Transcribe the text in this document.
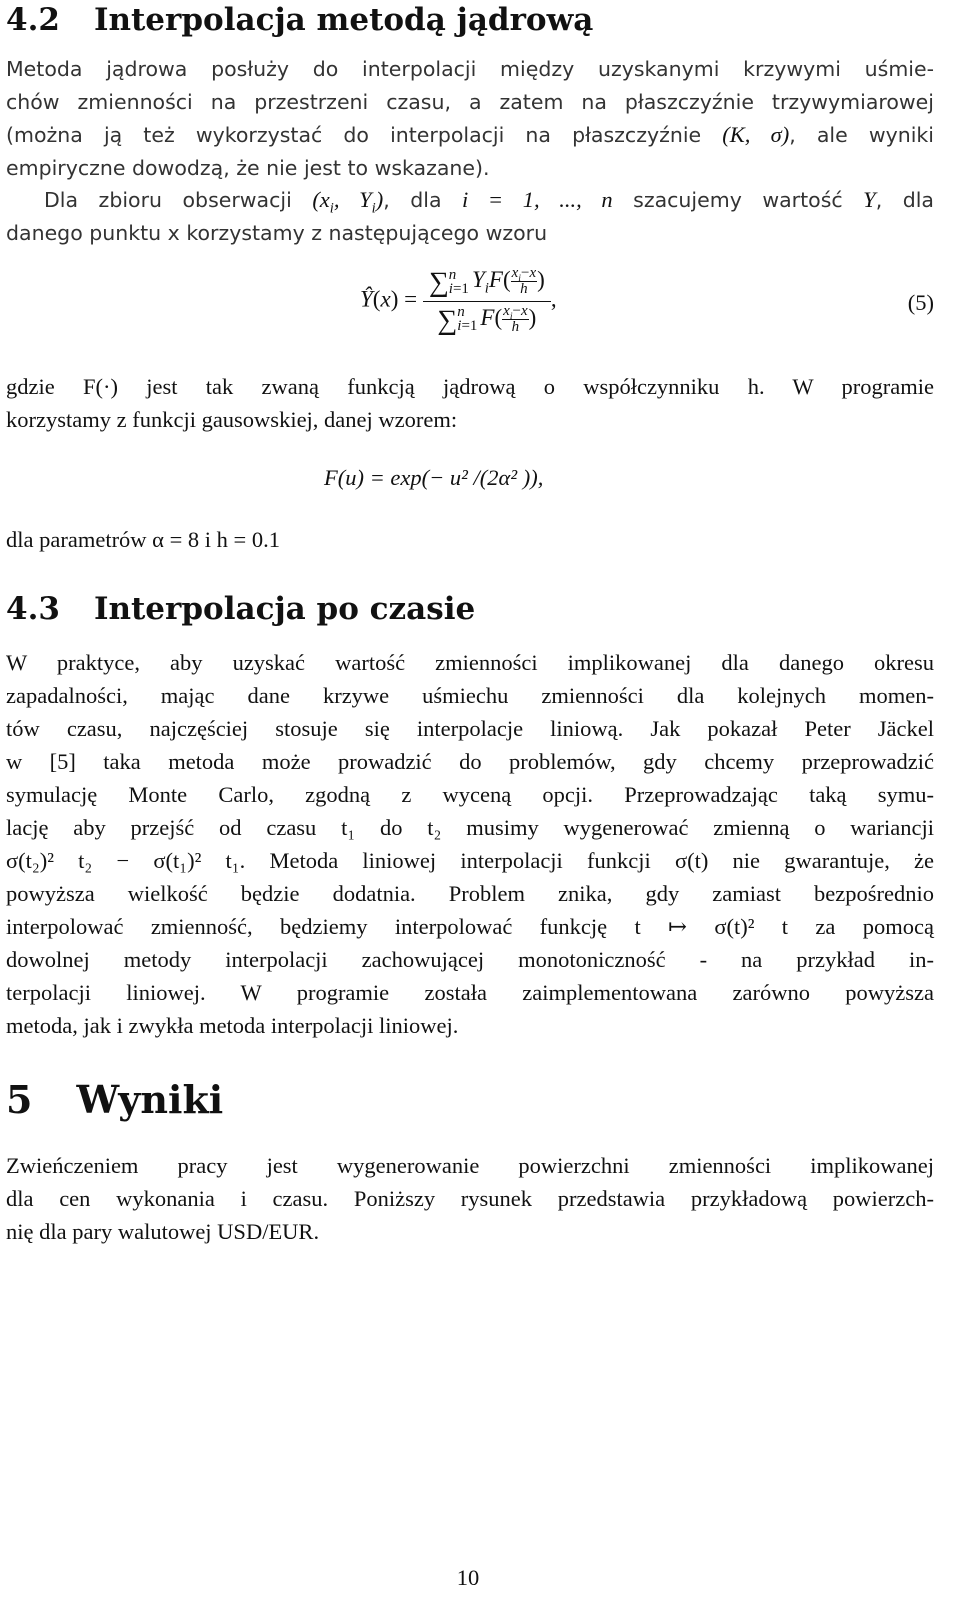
4.2 Interpolacja metodą jądrową
Metoda jądrowa posłuży do interpolacji między uzyskanymi krzywymi uśmie-
chów zmienności na przestrzeni czasu, a zatem na płaszczyźnie trzywymiarowej
(można ją też wykorzystać do interpolacji na płaszczyźnie (K, σ), ale wyniki
empiryczne dowodzą, że nie jest to wskazane).
Dla zbioru obserwacji ($x_i$, $Y_i$), dla i = 1, ..., n szacujemy wartość Y, dla
danego punktu x korzystamy z następującego wzoru
Ŷ(x) =
∑n
i=1 $Y_iF( \frac{x_i-x}{h}$ )
∑n
i=1 $F( \frac{x_i-x}{h}$ )
,	(5)
gdzie F(·) jest tak zwaną funkcją jądrową o współczynniku h. W programie
korzystamy z funkcji gausowskiej, danej wzorem:
F(u) = exp(− u² /(2α² )),
dla parametrów α = 8 i h = 0.1
4.3 Interpolacja po czasie
W praktyce, aby uzyskać wartość zmienności implikowanej dla danego okresu
zapadalności, mając dane krzywe uśmiechu zmienności dla kolejnych momen-
tów czasu, najczęściej stosuje się interpolacje liniową. Jak pokazał Peter Jäckel
w [5] taka metoda może prowadzić do problemów, gdy chcemy przeprowadzić
symulację Monte Carlo, zgodną z wyceną opcji. Przeprowadzając taką symu-
lację aby przejść od czasu t₁ do t₂ musimy wygenerować zmienną o wariancji
σ(t₂)² t₂ − σ(t₁)² t₁. Metoda liniowej interpolacji funkcji σ(t) nie gwarantuje, że
powyższa wielkość będzie dodatnia. Problem znika, gdy zamiast bezpośrednio
interpolować zmienność, będziemy interpolować funkcję t ↦ σ(t)² t za pomocą
dowolnej metody interpolacji zachowującej monotoniczność - na przykład in-
terpolacji liniowej. W programie została zaimplementowana zarówno powyższa
metoda, jak i zwykła metoda interpolacji liniowej.
5 Wyniki
Zwieńczeniem pracy jest wygenerowanie powierzchni zmienności implikowanej
dla cen wykonania i czasu. Poniższy rysunek przedstawia przykładową powierzch-
nię dla pary walutowej USD/EUR.
10
